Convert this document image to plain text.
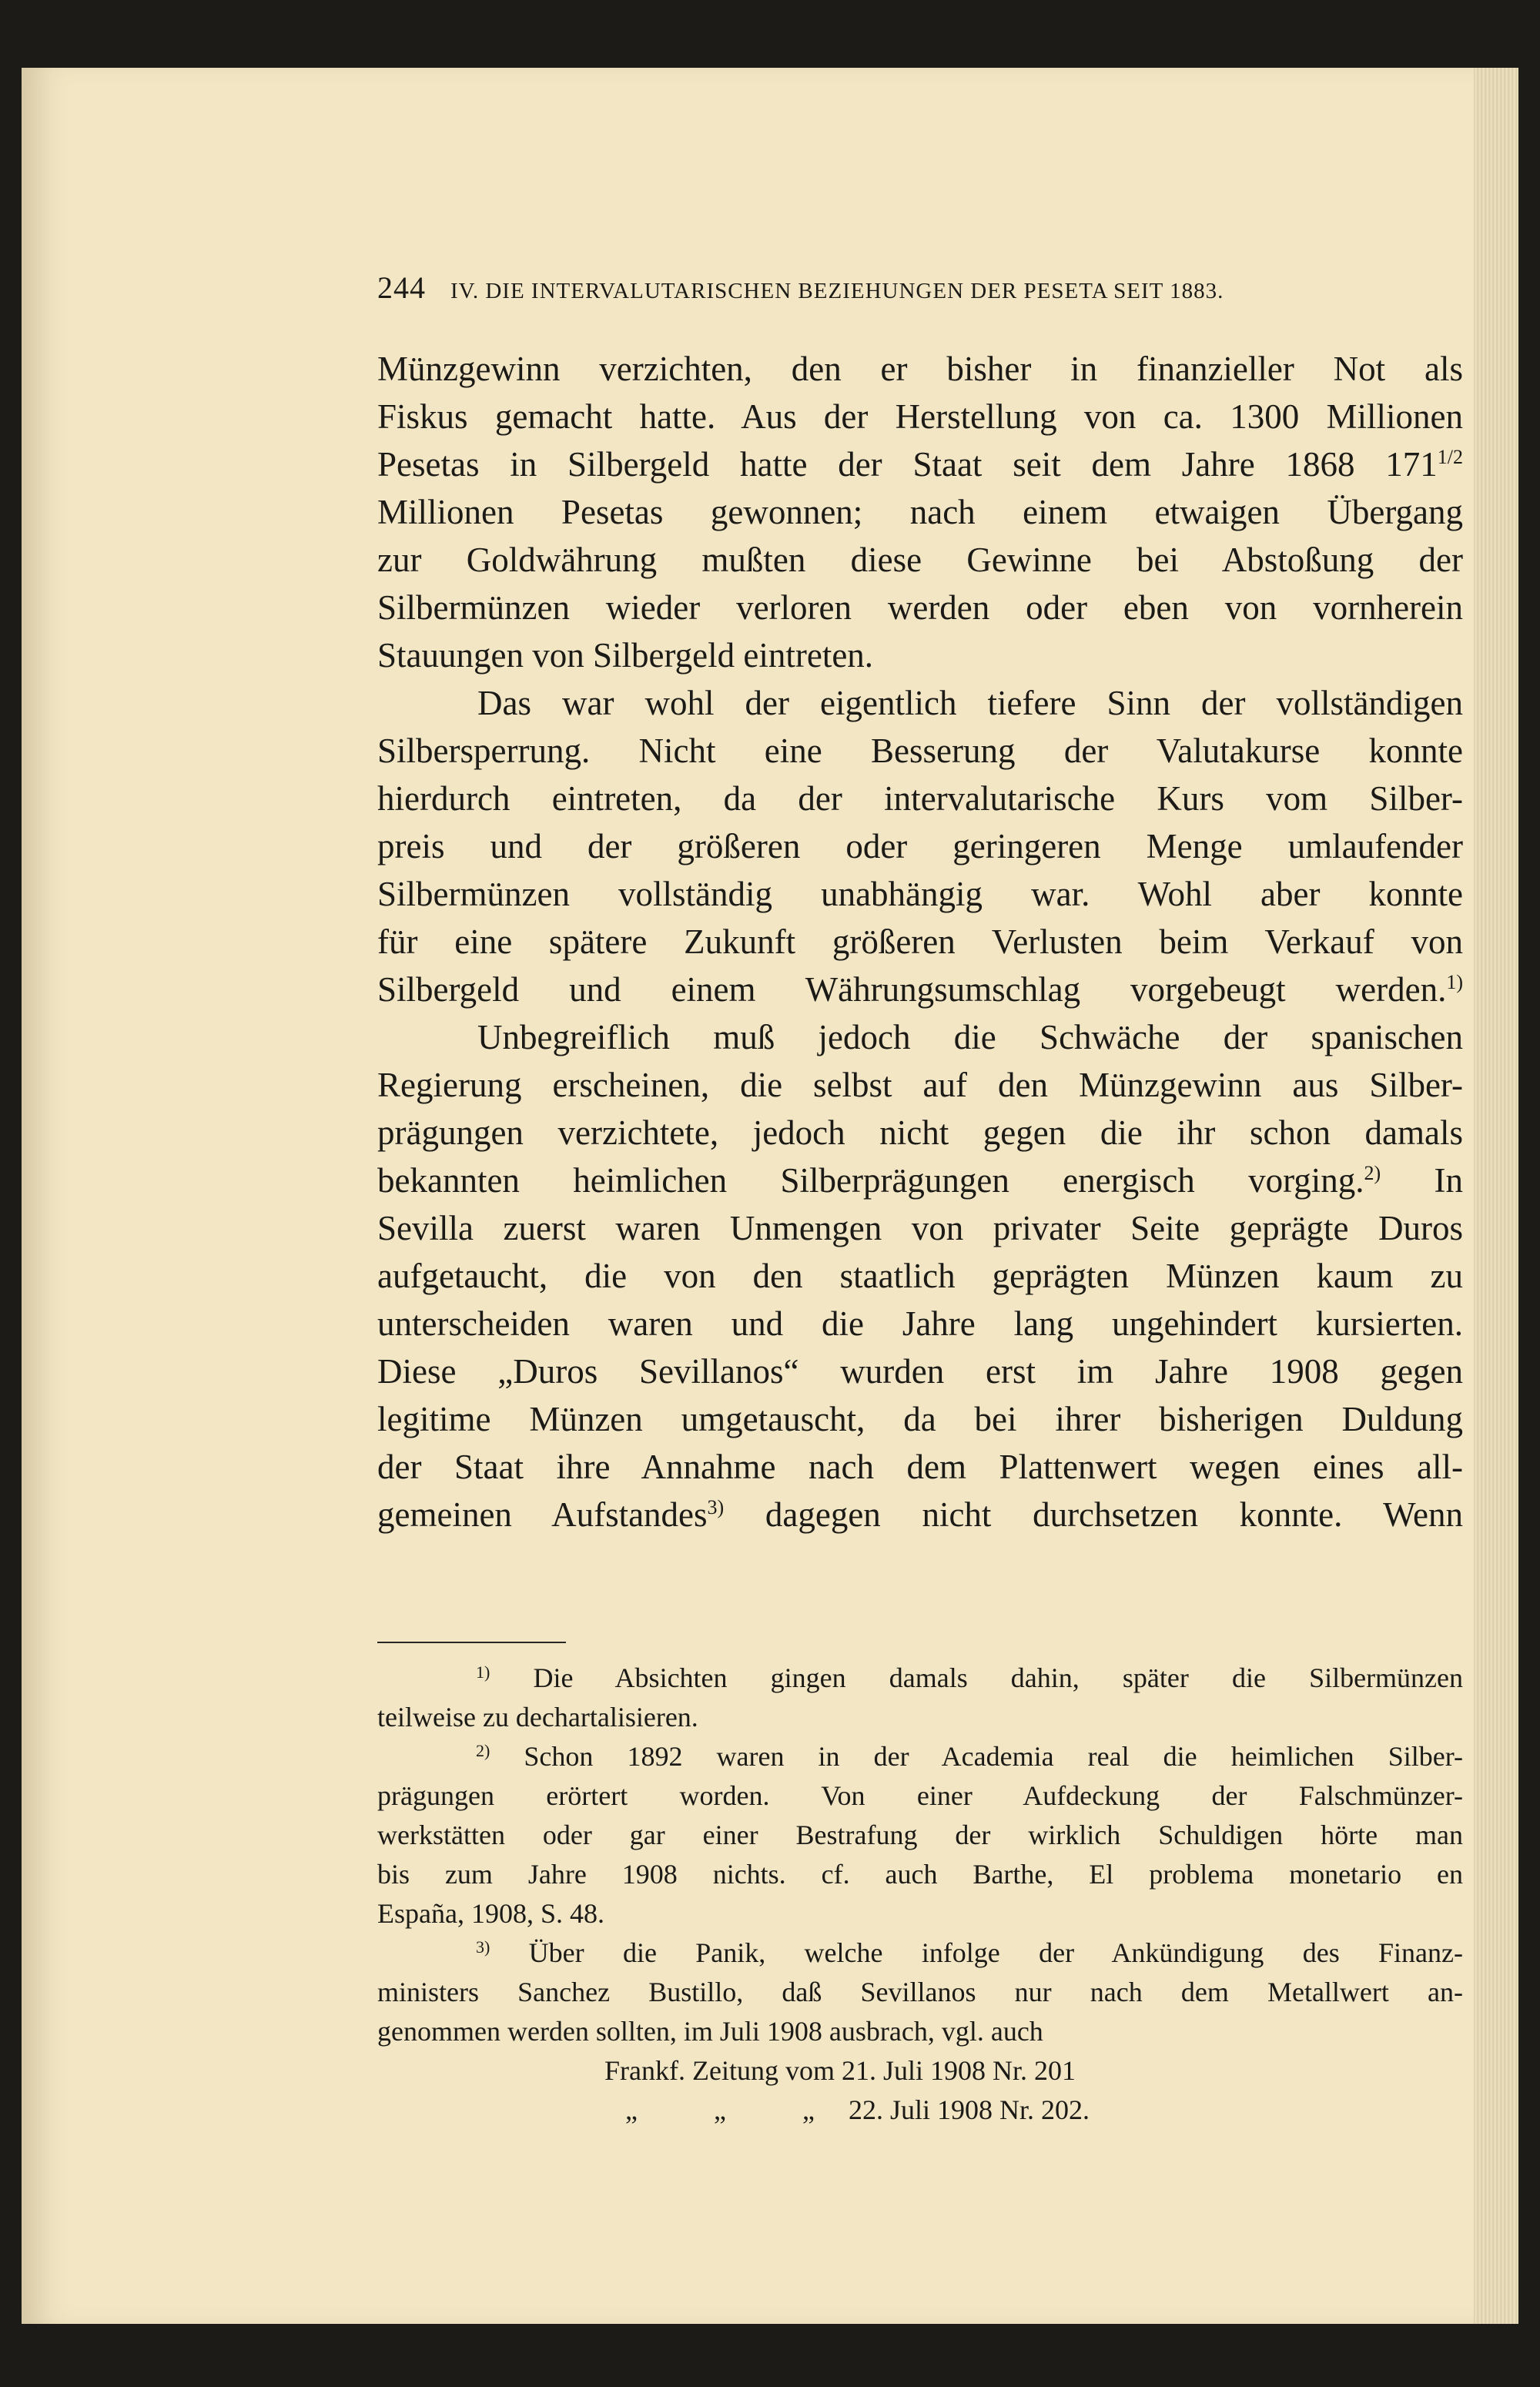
244 IV. DIE INTERVALUTARISCHEN BEZIEHUNGEN DER PESETA SEIT 1883.
Münzgewinn verzichten, den er bisher in finanzieller Not als
Fiskus gemacht hatte. Aus der Herstellung von ca. 1300 Millionen
Pesetas in Silbergeld hatte der Staat seit dem Jahre 1868 $171^{1/2}$
Millionen Pesetas gewonnen; nach einem etwaigen Übergang
zur Goldwährung mußten diese Gewinne bei Abstoßung der
Silbermünzen wieder verloren werden oder eben von vornherein
Stauungen von Silbergeld eintreten.
Das war wohl der eigentlich tiefere Sinn der vollständigen
Silbersperrung. Nicht eine Besserung der Valutakurse konnte
hierdurch eintreten, da der intervalutarische Kurs vom Silber-
preis und der größeren oder geringeren Menge umlaufender
Silbermünzen vollständig unabhängig war. Wohl aber konnte
für eine spätere Zukunft größeren Verlusten beim Verkauf von
Silbergeld und einem Währungsumschlag vorgebeugt werden.$^{1)}$
Unbegreiflich muß jedoch die Schwäche der spanischen
Regierung erscheinen, die selbst auf den Münzgewinn aus Silber-
prägungen verzichtete, jedoch nicht gegen die ihr schon damals
bekannten heimlichen Silberprägungen energisch vorging.$^{2)}$ In
Sevilla zuerst waren Unmengen von privater Seite geprägte Duros
aufgetaucht, die von den staatlich geprägten Münzen kaum zu
unterscheiden waren und die Jahre lang ungehindert kursierten.
Diese „Duros Sevillanos“ wurden erst im Jahre 1908 gegen
legitime Münzen umgetauscht, da bei ihrer bisherigen Duldung
der Staat ihre Annahme nach dem Plattenwert wegen eines all-
gemeinen Aufstandes$^{3)}$ dagegen nicht durchsetzen konnte. Wenn
$^{1)}$ Die Absichten gingen damals dahin, später die Silbermünzen
teilweise zu dechartalisieren.
$^{2)}$ Schon 1892 waren in der Academia real die heimlichen Silber-
prägungen erörtert worden. Von einer Aufdeckung der Falschmünzer-
werkstätten oder gar einer Bestrafung der wirklich Schuldigen hörte man
bis zum Jahre 1908 nichts. cf. auch Barthe, El problema monetario en
España, 1908, S. 48.
$^{3)}$ Über die Panik, welche infolge der Ankündigung des Finanz-
ministers Sanchez Bustillo, daß Sevillanos nur nach dem Metallwert an-
genommen werden sollten, im Juli 1908 ausbrach, vgl. auch
Frankf. Zeitung vom 21. Juli 1908 Nr. 201
„	„	„ 22. Juli 1908 Nr. 202.
